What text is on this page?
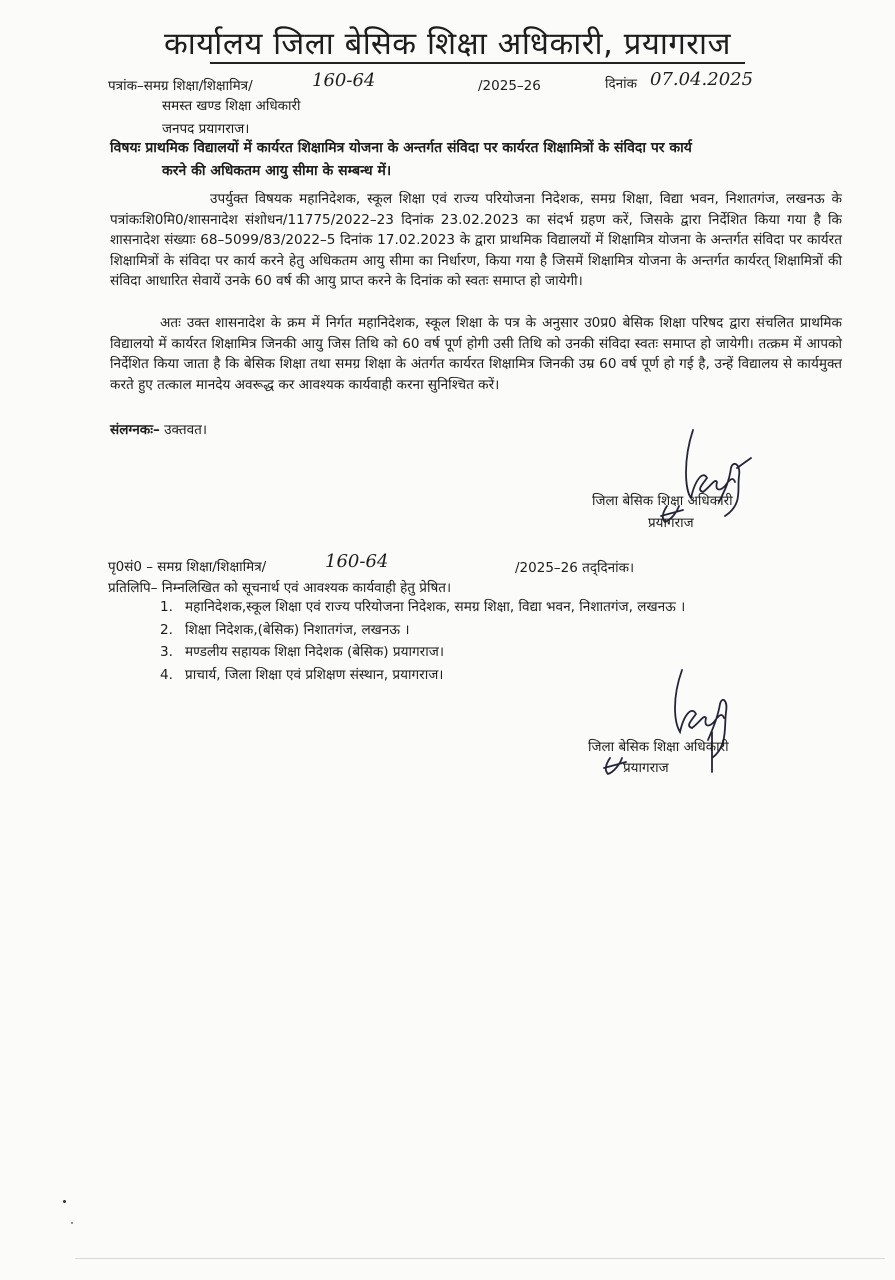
कार्यालय जिला बेसिक शिक्षा अधिकारी, प्रयागराज
पत्रांक–समग्र शिक्षा/शिक्षामित्र/	160-64	/2025–26	दिनांक 07.04.2025
समस्त खण्ड शिक्षा अधिकारी
जनपद प्रयागराज।
विषयः प्राथमिक विद्यालयों में कार्यरत शिक्षामित्र योजना के अन्तर्गत संविदा पर कार्यरत शिक्षामित्रों के संविदा पर कार्य
करने की अधिकतम आयु सीमा के सम्बन्ध में।
उपर्युक्त विषयक महानिदेशक, स्कूल शिक्षा एवं राज्य परियोजना निदेशक, समग्र शिक्षा, विद्या भवन, निशातगंज, लखनऊ के पत्रांकःशि0मि0/शासनादेश संशोधन/11775/2022–23 दिनांक 23.02.2023 का संदर्भ ग्रहण करें, जिसके द्वारा निर्देशित किया गया है कि शासनादेश संख्याः 68–5099/83/2022–5 दिनांक 17.02.2023 के द्वारा प्राथमिक विद्यालयों में शिक्षामित्र योजना के अन्तर्गत संविदा पर कार्यरत शिक्षामित्रों के संविदा पर कार्य करने हेतु अधिकतम आयु सीमा का निर्धारण, किया गया है जिसमें शिक्षामित्र योजना के अन्तर्गत कार्यरत् शिक्षामित्रों की संविदा आधारित सेवायें उनके 60 वर्ष की आयु प्राप्त करने के दिनांक को स्वतः समाप्त हो जायेगी।
अतः उक्त शासनादेश के क्रम में निर्गत महानिदेशक, स्कूल शिक्षा के पत्र के अनुसार उ0प्र0 बेसिक शिक्षा परिषद द्वारा संचलित प्राथमिक विद्यालयो में कार्यरत शिक्षामित्र जिनकी आयु जिस तिथि को 60 वर्ष पूर्ण होगी उसी तिथि को उनकी संविदा स्वतः समाप्त हो जायेगी। तत्क्रम में आपको निर्देशित किया जाता है कि बेसिक शिक्षा तथा समग्र शिक्षा के अंतर्गत कार्यरत शिक्षामित्र जिनकी उम्र 60 वर्ष पूर्ण हो गई है, उन्हें विद्यालय से कार्यमुक्त करते हुए तत्काल मानदेय अवरूद्ध कर आवश्यक कार्यवाही करना सुनिश्चित करें।
संलग्नकः– उक्तवत।
जिला बेसिक शिक्षा अधिकारी
प्रयागराज
पृ0सं0 – समग्र शिक्षा/शिक्षामित्र/	160-64	/2025–26 तद्‌दिनांक।
प्रतिलिपि– निम्नलिखित को सूचनार्थ एवं आवश्यक कार्यवाही हेतु प्रेषित।
1. महानिदेशक,स्कूल शिक्षा एवं राज्य परियोजना निदेशक, समग्र शिक्षा, विद्या भवन, निशातगंज, लखनऊ ।
2. शिक्षा निदेशक,(बेसिक) निशातगंज, लखनऊ ।
3. मण्डलीय सहायक शिक्षा निदेशक (बेसिक) प्रयागराज।
4. प्राचार्य, जिला शिक्षा एवं प्रशिक्षण संस्थान, प्रयागराज।
जिला बेसिक शिक्षा अधिकारी
प्रयागराज
